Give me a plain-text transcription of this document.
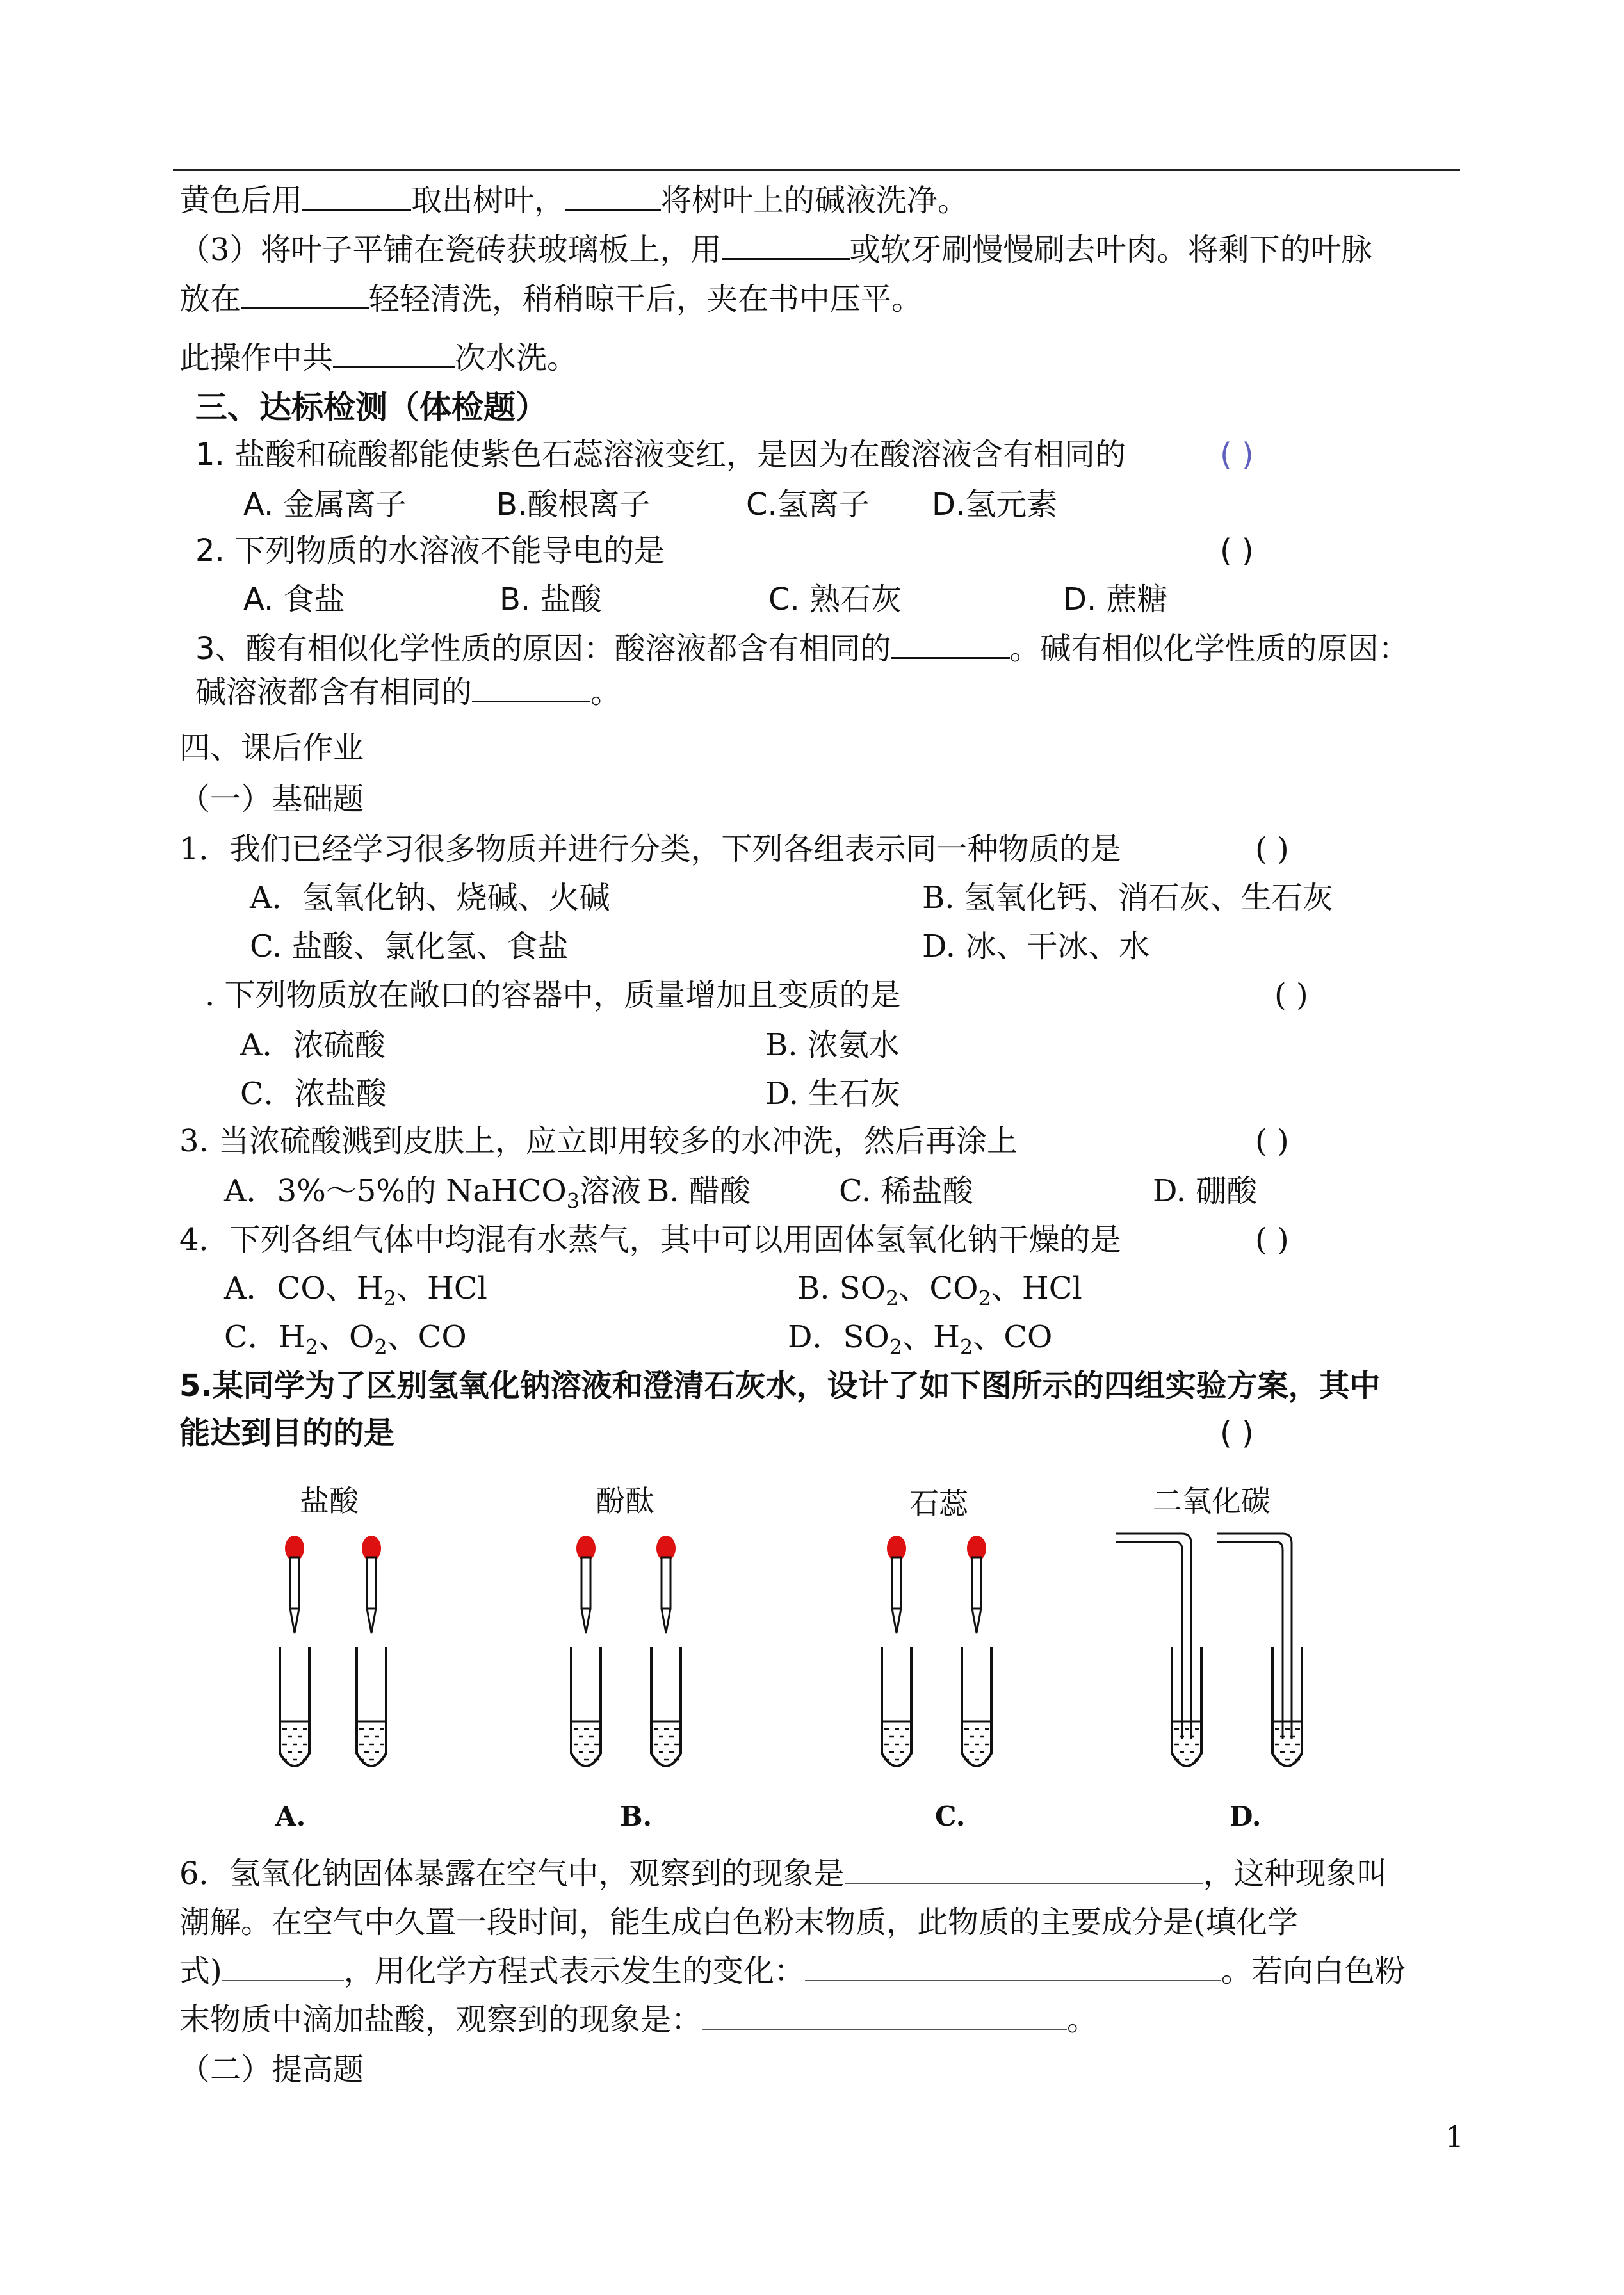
黄色后用	取出树叶，	将树叶上的碱液洗净。
（3）将叶子平铺在瓷砖获玻璃板上，用	或软牙刷慢慢刷去叶肉。将剩下的叶脉
放在	轻轻清洗，稍稍晾干后，夹在书中压平。
此操作中共	次水洗。
三、达标检测（体检题）
1. 盐酸和硫酸都能使紫色石蕊溶液变红，是因为在酸溶液含有相同的	( )
A. 金属离子	B.酸根离子	C.氢离子 D.氢元素
2. 下列物质的水溶液不能导电的是	( )
A. 食盐	B. 盐酸	C. 熟石灰	D. 蔗糖
3、酸有相似化学性质的原因：酸溶液都含有相同的	。碱有相似化学性质的原因：
碱溶液都含有相同的	。
四、课后作业
（一）基础题
1．我们已经学习很多物质并进行分类，下列各组表示同一种物质的是	( )
A．氢氧化钠、烧碱、火碱	B. 氢氧化钙、消石灰、生石灰
C. 盐酸、氯化氢、食盐	D. 冰、干冰、水
. 下列物质放在敞口的容器中，质量增加且变质的是	( )
A．浓硫酸	B. 浓氨水
C．浓盐酸	D. 生石灰
3. 当浓硫酸溅到皮肤上，应立即用较多的水冲洗，然后再涂上	( )
A．3%～5%的 NaHCO$_3$溶液 B. 醋酸	C. 稀盐酸	D. 硼酸
4．下列各组气体中均混有水蒸气，其中可以用固体氢氧化钠干燥的是	( )
A．CO、$H_2$、HCl	B. $SO_2$、$CO_2$、HCl
C．$H_2$、$O_2$、CO	D．$SO_2$、$H_2$、CO
5.某同学为了区别氢氧化钠溶液和澄清石灰水，设计了如下图所示的四组实验方案，其中
能达到目的的是	( )
盐酸	酚酞	石蕊	二氧化碳
A.	B.	C.	D.
6．氢氧化钠固体暴露在空气中，观察到的现象是	，这种现象叫
潮解。在空气中久置一段时间，能生成白色粉末物质，此物质的主要成分是(填化学
式)	，用化学方程式表示发生的变化：	。若向白色粉
末物质中滴加盐酸，观察到的现象是：	。
（二）提高题
1
